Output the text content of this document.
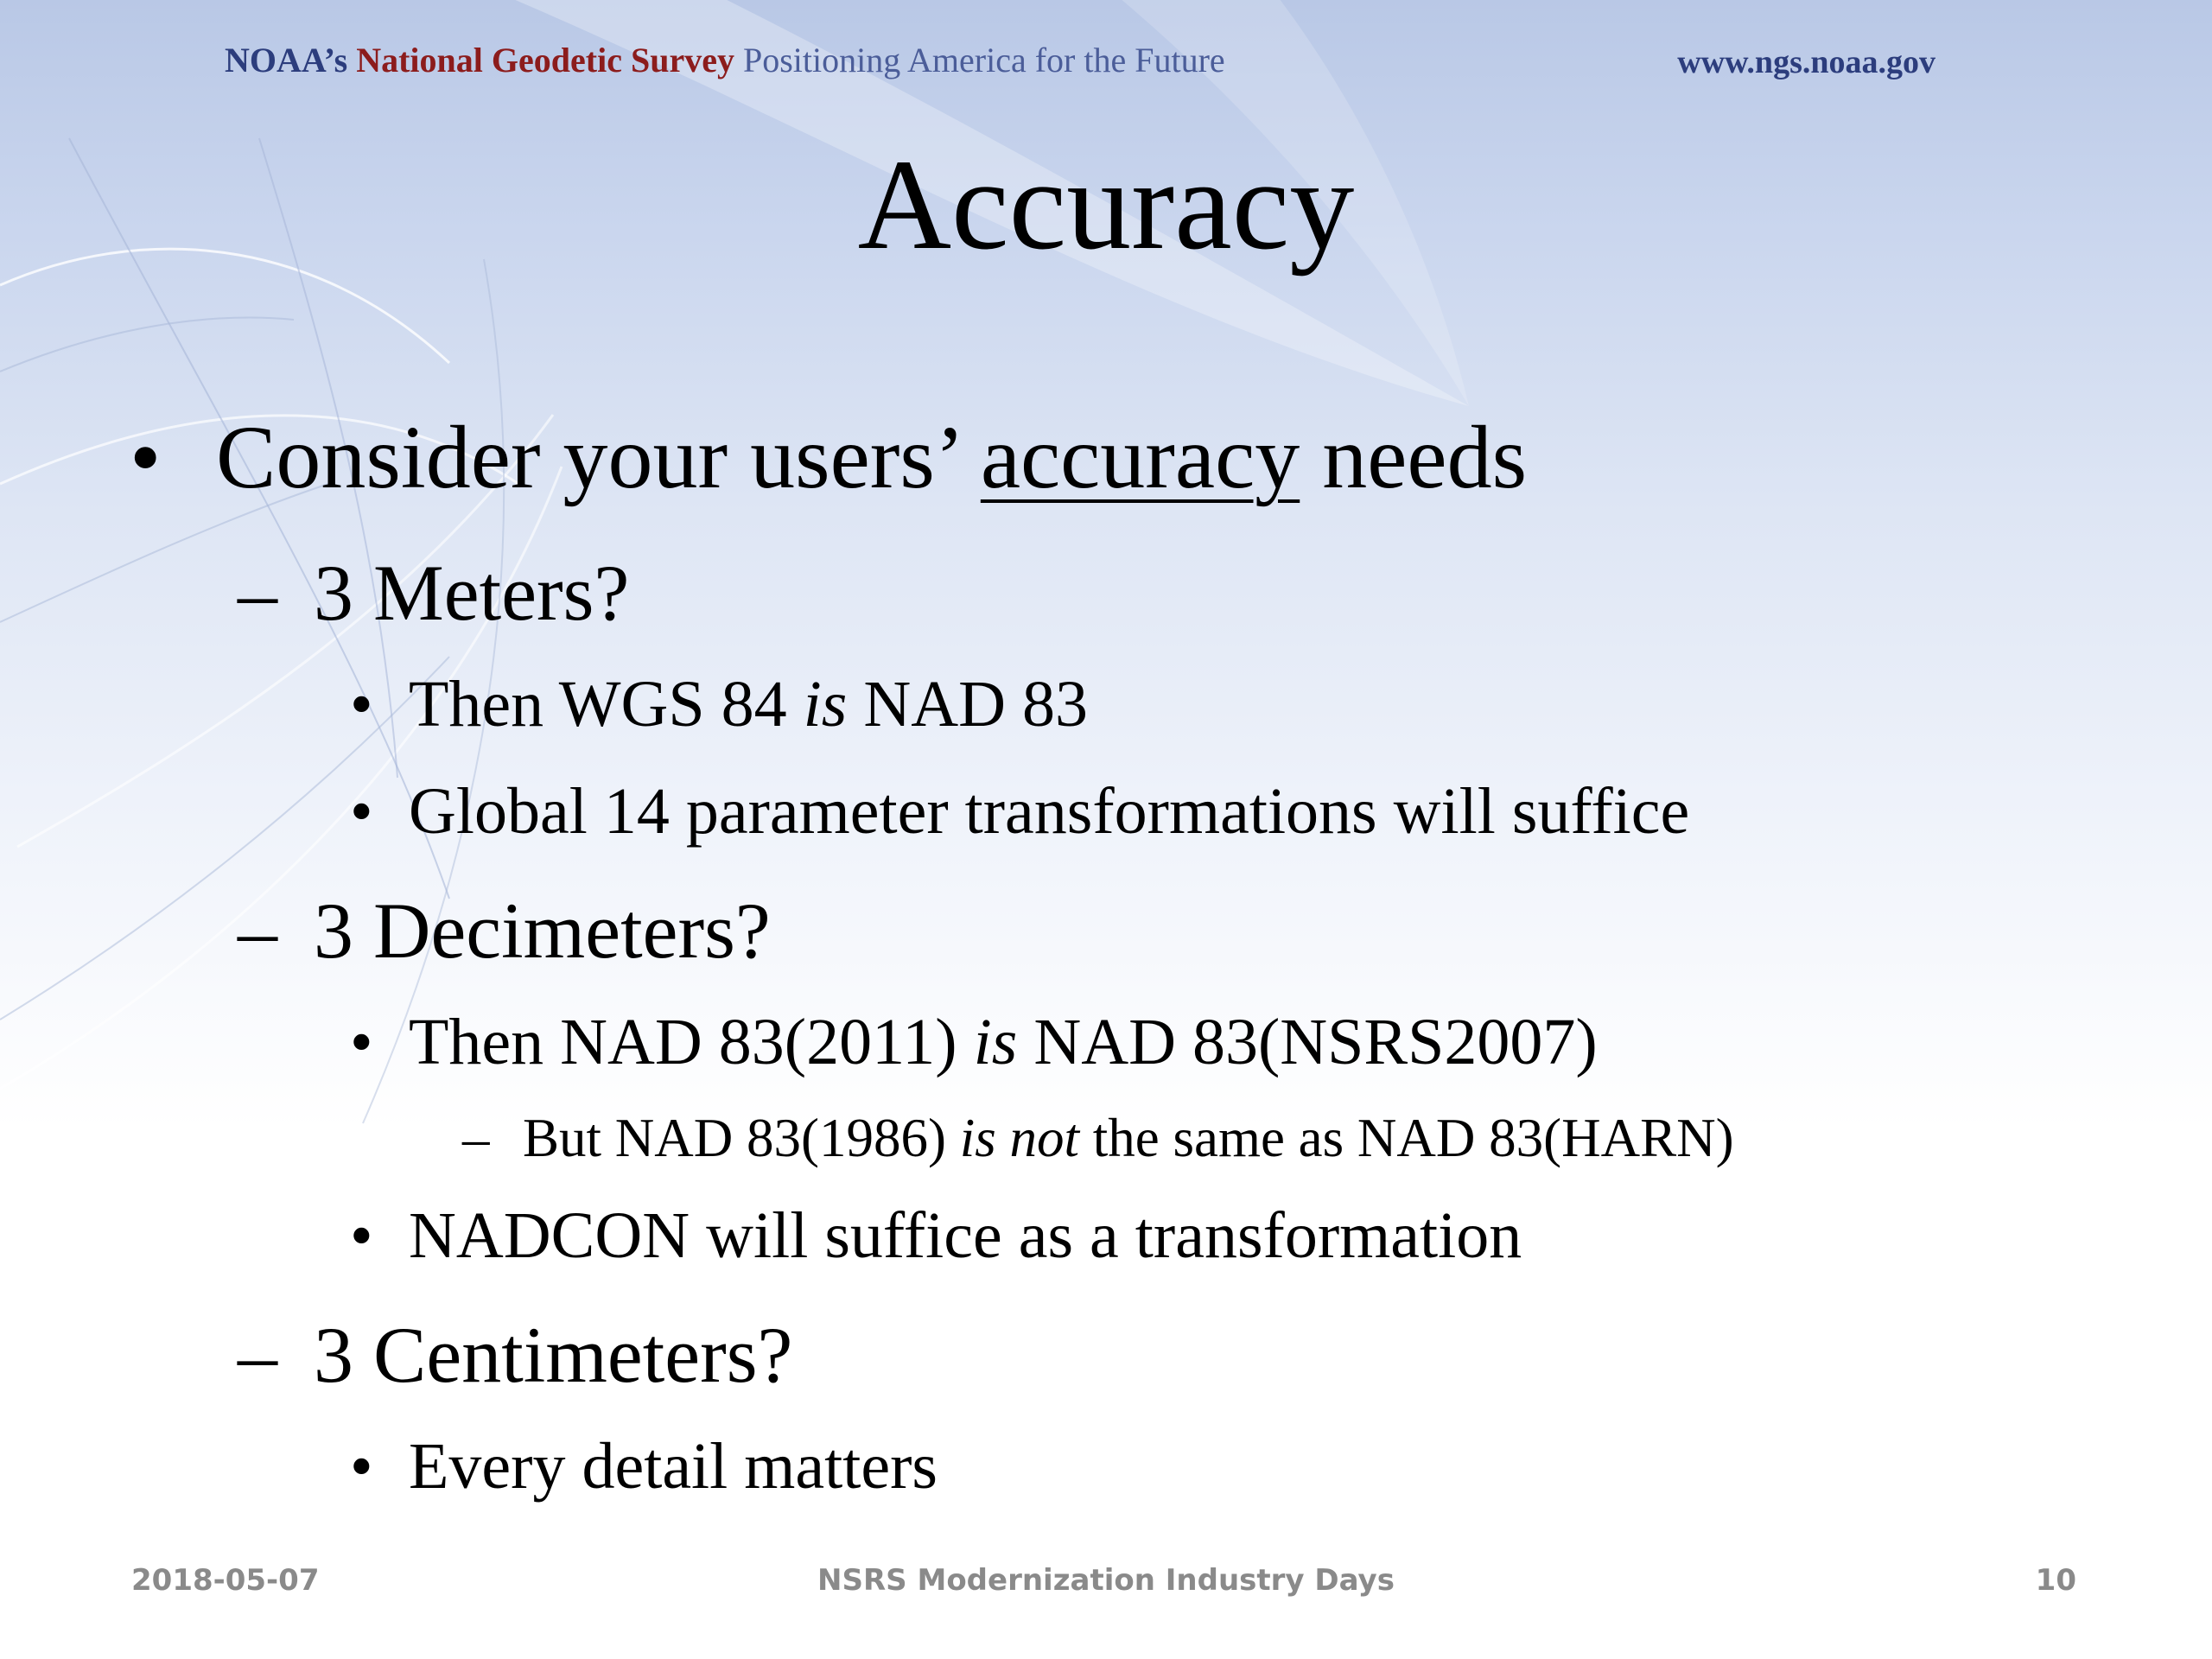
NOAA’s National Geodetic Survey Positioning America for the Future	www.ngs.noaa.gov
Accuracy
• Consider your users’ accuracy needs
– 3 Meters?
• Then WGS 84 is NAD 83
• Global 14 parameter transformations will suffice
– 3 Decimeters?
• Then NAD 83(2011) is NAD 83(NSRS2007)
– But NAD 83(1986) is not the same as NAD 83(HARN)
• NADCON will suffice as a transformation
– 3 Centimeters?
• Every detail matters
2018-05-07	NSRS Modernization Industry Days	10
